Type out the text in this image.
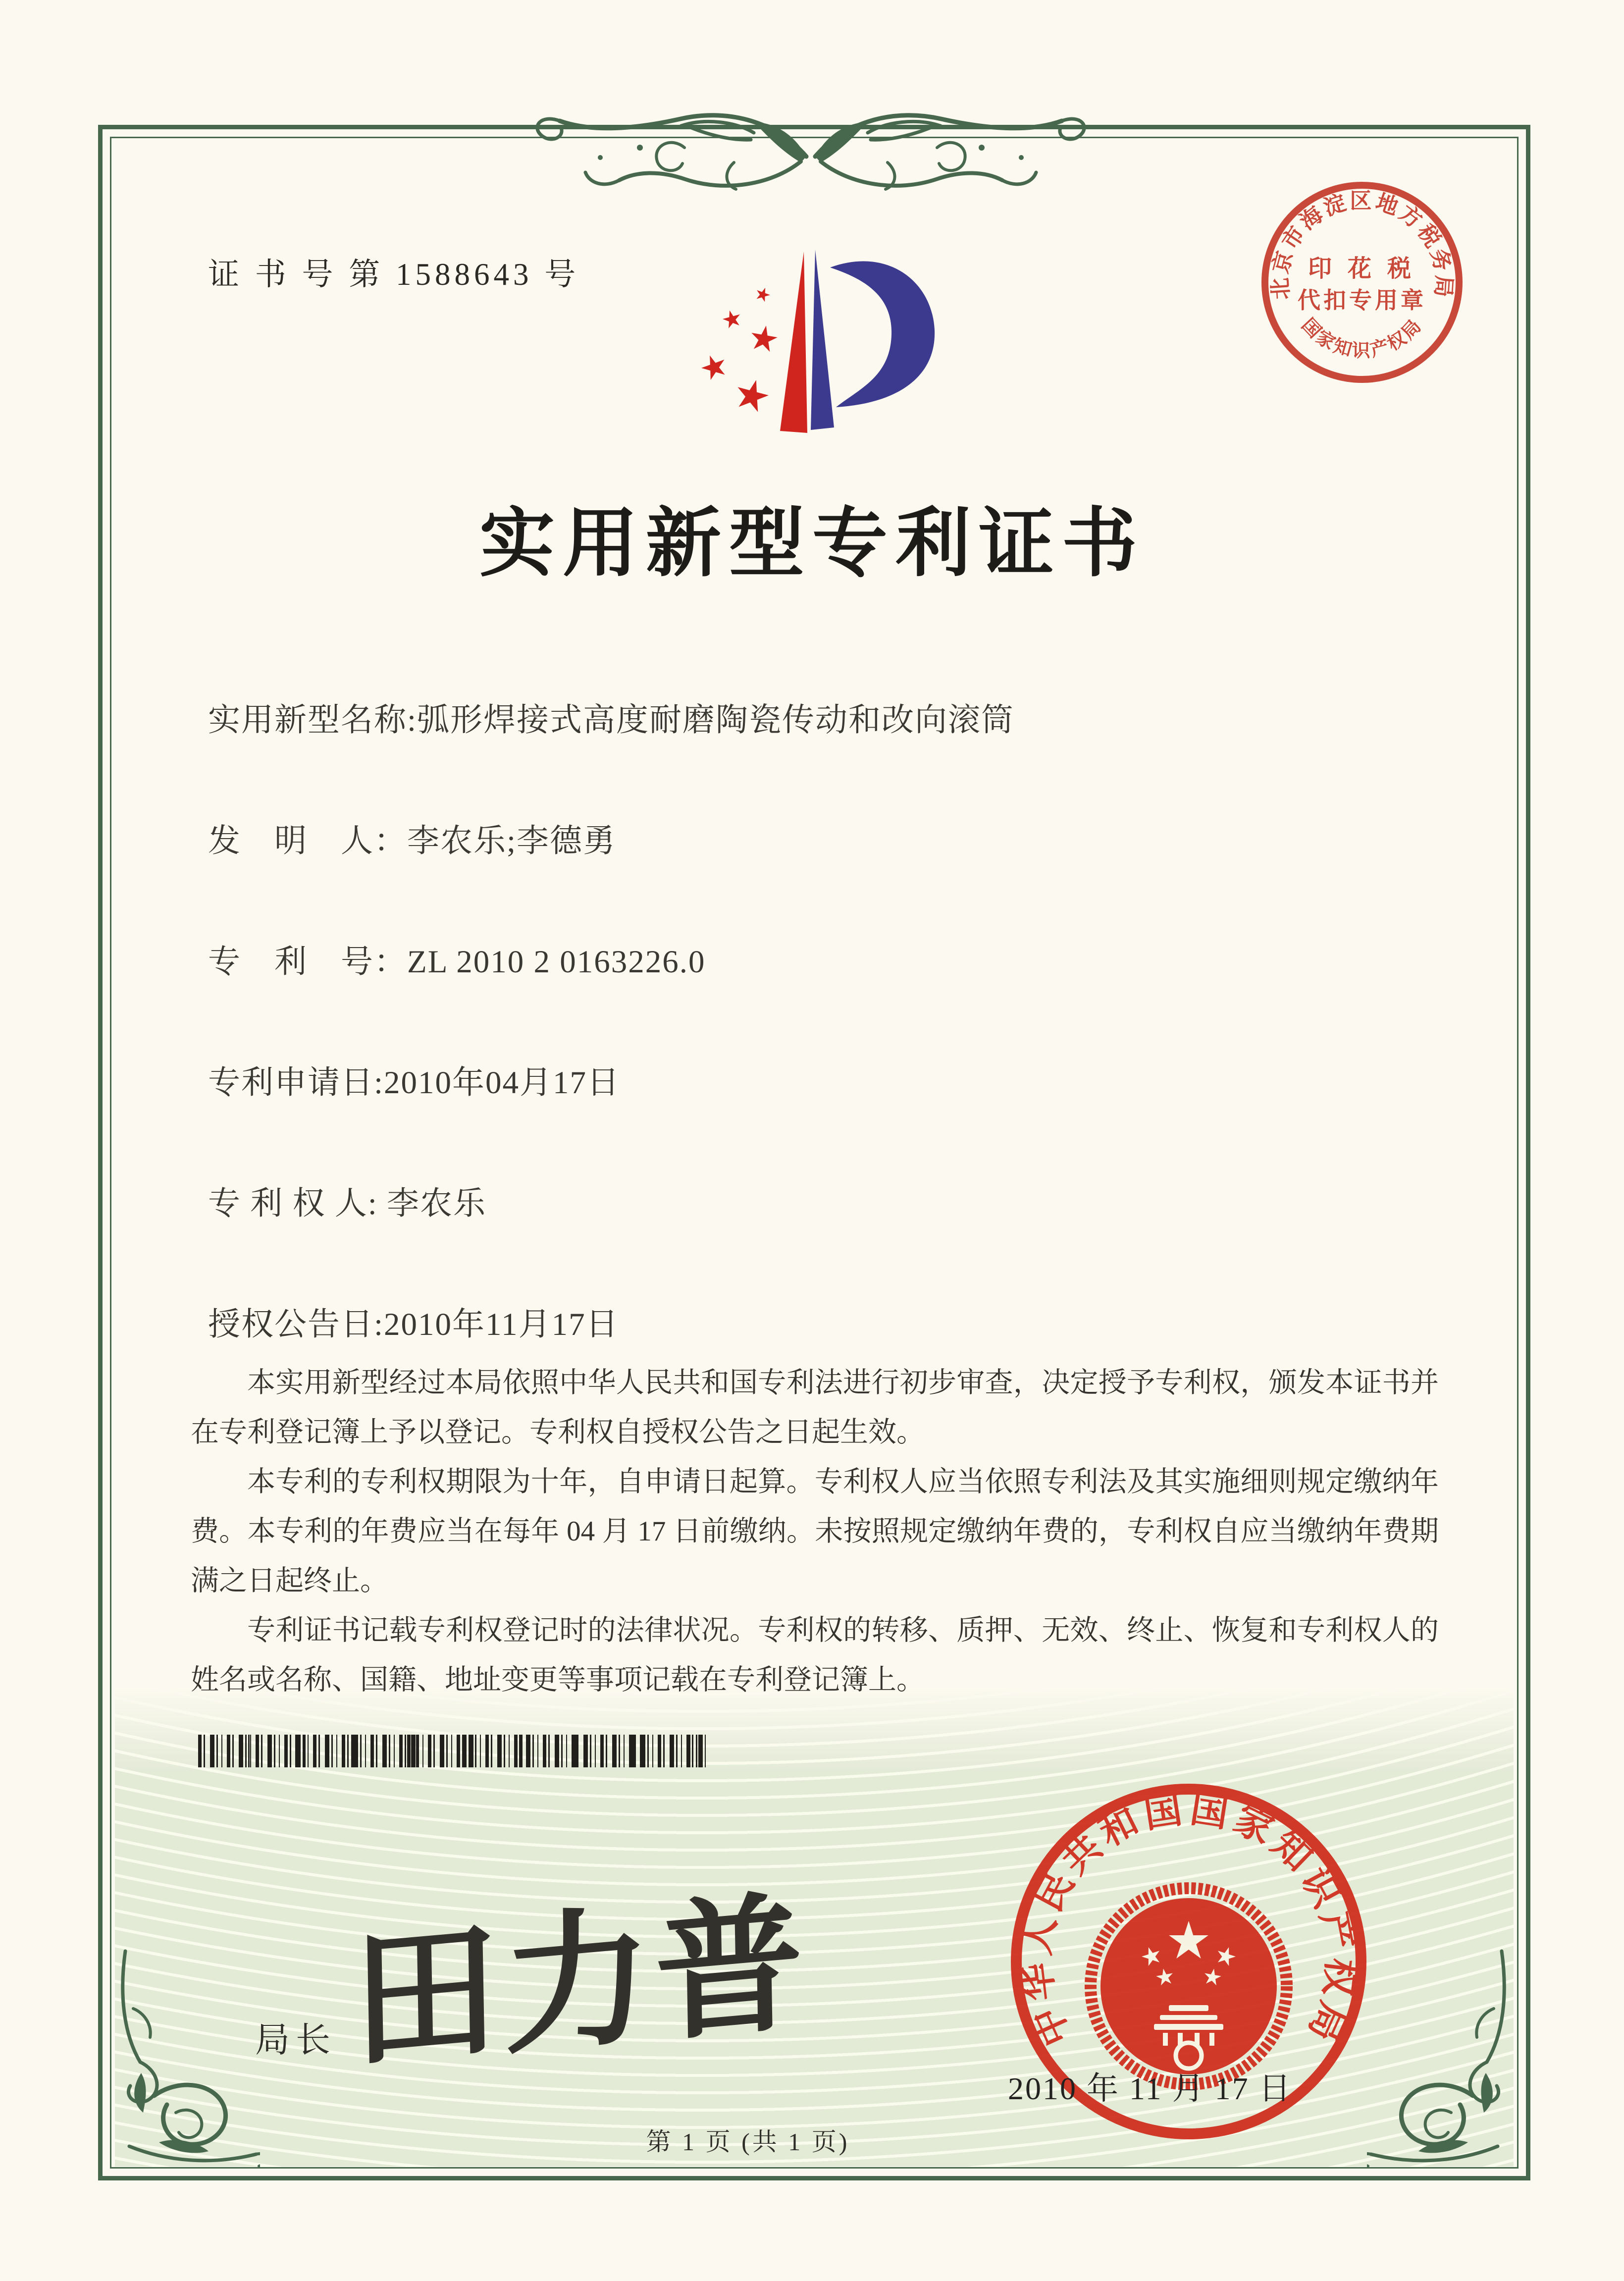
证 书 号 第 1588643 号	北京市海淀区地方税务局
国家知识产权局
印 花 税
代扣专用章
实用新型专利证书
实用新型名称:弧形焊接式高度耐磨陶瓷传动和改向滚筒
发　明　人：李农乐;李德勇
专　利　号：ZL 2010 2 0163226.0
专利申请日:2010年04月17日
专 利 权 人: 李农乐
授权公告日:2010年11月17日

本实用新型经过本局依照中华人民共和国专利法进行初步审查，决定授予专利权，颁发本证书并在专利登记簿上予以登记。专利权自授权公告之日起生效。

本专利的专利权期限为十年，自申请日起算。专利权人应当依照专利法及其实施细则规定缴纳年费。本专利的年费应当在每年 04 月 17 日前缴纳。未按照规定缴纳年费的，专利权自应当缴纳年费期满之日起终止。

专利证书记载专利权登记时的法律状况。专利权的转移、质押、无效、终止、恢复和专利权人的姓名或名称、国籍、地址变更等事项记载在专利登记簿上。

局长 田力普	中华人民共和国国家知识产权局
2010 年 11 月 17 日
第 1 页 (共 1 页)
